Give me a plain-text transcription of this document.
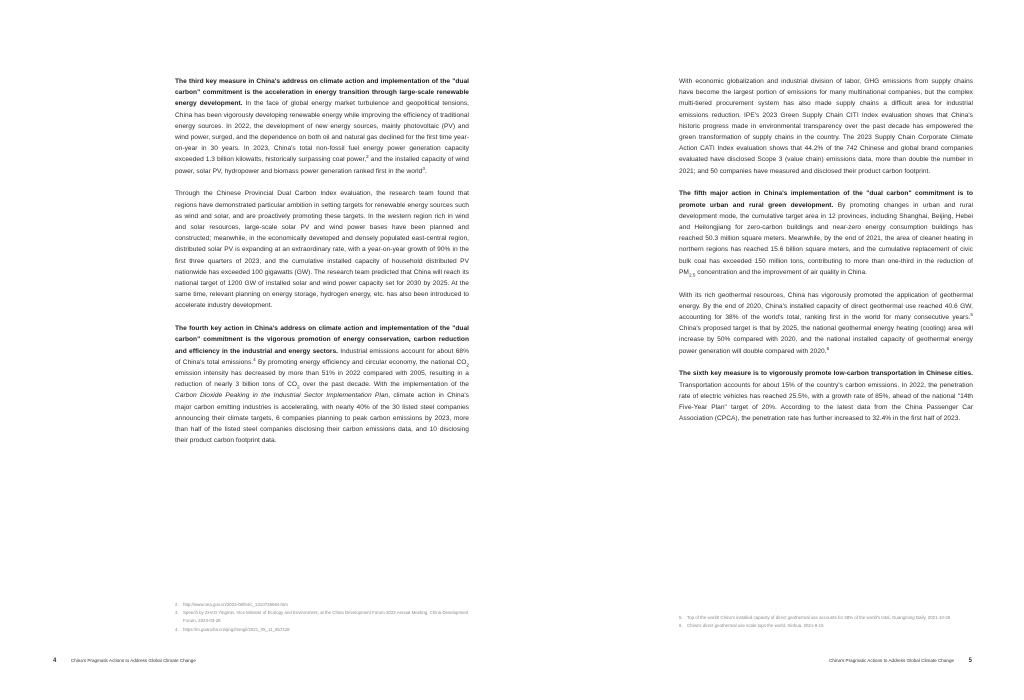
The third key measure in China's address on climate action and implementation of the "dual carbon" commitment is the acceleration in energy transition through large-scale renewable energy development. In the face of global energy market turbulence and geopolitical tensions, China has been vigorously developing renewable energy while improving the efficiency of traditional energy sources. In 2022, the development of new energy sources, mainly photovoltaic (PV) and wind power, surged, and the dependence on both oil and natural gas declined for the first time year-on-year in 30 years. In 2023, China's total non-fossil fuel energy power generation capacity exceeded 1.3 billion kilowatts, historically surpassing coal power,$^2$ and the installed capacity of wind power, solar PV, hydropower and biomass power generation ranked first in the world$^3$.

Through the Chinese Provincial Dual Carbon Index evaluation, the research team found that regions have demonstrated particular ambition in setting targets for renewable energy sources such as wind and solar, and are proactively promoting these targets. In the western region rich in wind and solar resources, large-scale solar PV and wind power bases have been planned and constructed; meanwhile, in the economically developed and densely populated east-central region, distributed solar PV is expanding at an extraordinary rate, with a year-on-year growth of 90% in the first three quarters of 2023, and the cumulative installed capacity of household distributed PV nationwide has exceeded 100 gigawatts (GW). The research team predicted that China will reach its national target of 1200 GW of installed solar and wind power capacity set for 2030 by 2025. At the same time, relevant planning on energy storage, hydrogen energy, etc. has also been introduced to accelerate industry development.

The fourth key action in China's address on climate action and implementation of the "dual carbon" commitment is the vigorous promotion of energy conservation, carbon reduction and efficiency in the industrial and energy sectors. Industrial emissions account for about 68% of China's total emissions.$^4$ By promoting energy efficiency and circular economy, the national $CO_2$ emission intensity has decreased by more than 51% in 2022 compared with 2005, resulting in a reduction of nearly 3 billion tons of $CO_2$ over the past decade. With the implementation of the Carbon Dioxide Peaking in the Industrial Sector Implementation Plan, climate action in China's major carbon emitting industries is accelerating, with nearly 40% of the 30 listed steel companies announcing their climate targets, 6 companies planning to peak carbon emissions by 2023, more than half of the listed steel companies disclosing their carbon emissions data, and 10 disclosing their product carbon footprint data.

2. http://www.nea.gov.cn/2023-08/04/c_1310735584.htm
3. Speech by ZHAO Yingmin, Vice Minister of Ecology and Environment, at the China Development Forum 2023 Annual Meeting, China Development Forum, 2023-03-28
4. https://m.guancha.cn/qingzhongli/2021_05_11_657428

With economic globalization and industrial division of labor, GHG emissions from supply chains have become the largest portion of emissions for many multinational companies, but the complex multi-tiered procurement system has also made supply chains a difficult area for industrial emissions reduction. IPE's 2023 Green Supply Chain CITI Index evaluation shows that China's historic progress made in environmental transparency over the past decade has empowered the green transformation of supply chains in the country. The 2023 Supply Chain Corporate Climate Action CATI Index evaluation shows that 44.2% of the 742 Chinese and global brand companies evaluated have disclosed Scope 3 (value chain) emissions data, more than double the number in 2021; and 50 companies have measured and disclosed their product carbon footprint.

The fifth major action in China's implementation of the "dual carbon" commitment is to promote urban and rural green development. By promoting changes in urban and rural development mode, the cumulative target area in 12 provinces, including Shanghai, Beijing, Hebei and Heilongjiang for zero-carbon buildings and near-zero energy consumption buildings has reached 50.3 million square meters. Meanwhile, by the end of 2021, the area of cleaner heating in northern regions has reached 15.6 billion square meters, and the cumulative replacement of civic bulk coal has exceeded 150 million tons, contributing to more than one-third in the reduction of $PM_{2.5}$ concentration and the improvement of air quality in China.

With its rich geothermal resources, China has vigorously promoted the application of geothermal energy. By the end of 2020, China's installed capacity of direct geothermal use reached 40.6 GW, accounting for 38% of the world's total, ranking first in the world for many consecutive years.$^5$ China's proposed target is that by 2025, the national geothermal energy heating (cooling) area will increase by 50% compared with 2020, and the national installed capacity of geothermal energy power generation will double compared with 2020.$^6$

The sixth key measure is to vigorously promote low-carbon transportation in Chinese cities. Transportation accounts for about 15% of the country's carbon emissions. In 2022, the penetration rate of electric vehicles has reached 25.5%, with a growth rate of 85%, ahead of the national "14th Five-Year Plan" target of 20%. According to the latest data from the China Passenger Car Association (CPCA), the penetration rate has further increased to 32.4% in the first half of 2023.

5. Top of the world! China's installed capacity of direct geothermal use accounts for 38% of the world's total, Guangming Daily, 2021-10-26
6. China's direct geothermal use scale tops the world, Xinhua, 2021-9-15
4	China's Pragmatic Actions to Address Global Climate Change	China's Pragmatic Actions to Address Global Climate Change 5
